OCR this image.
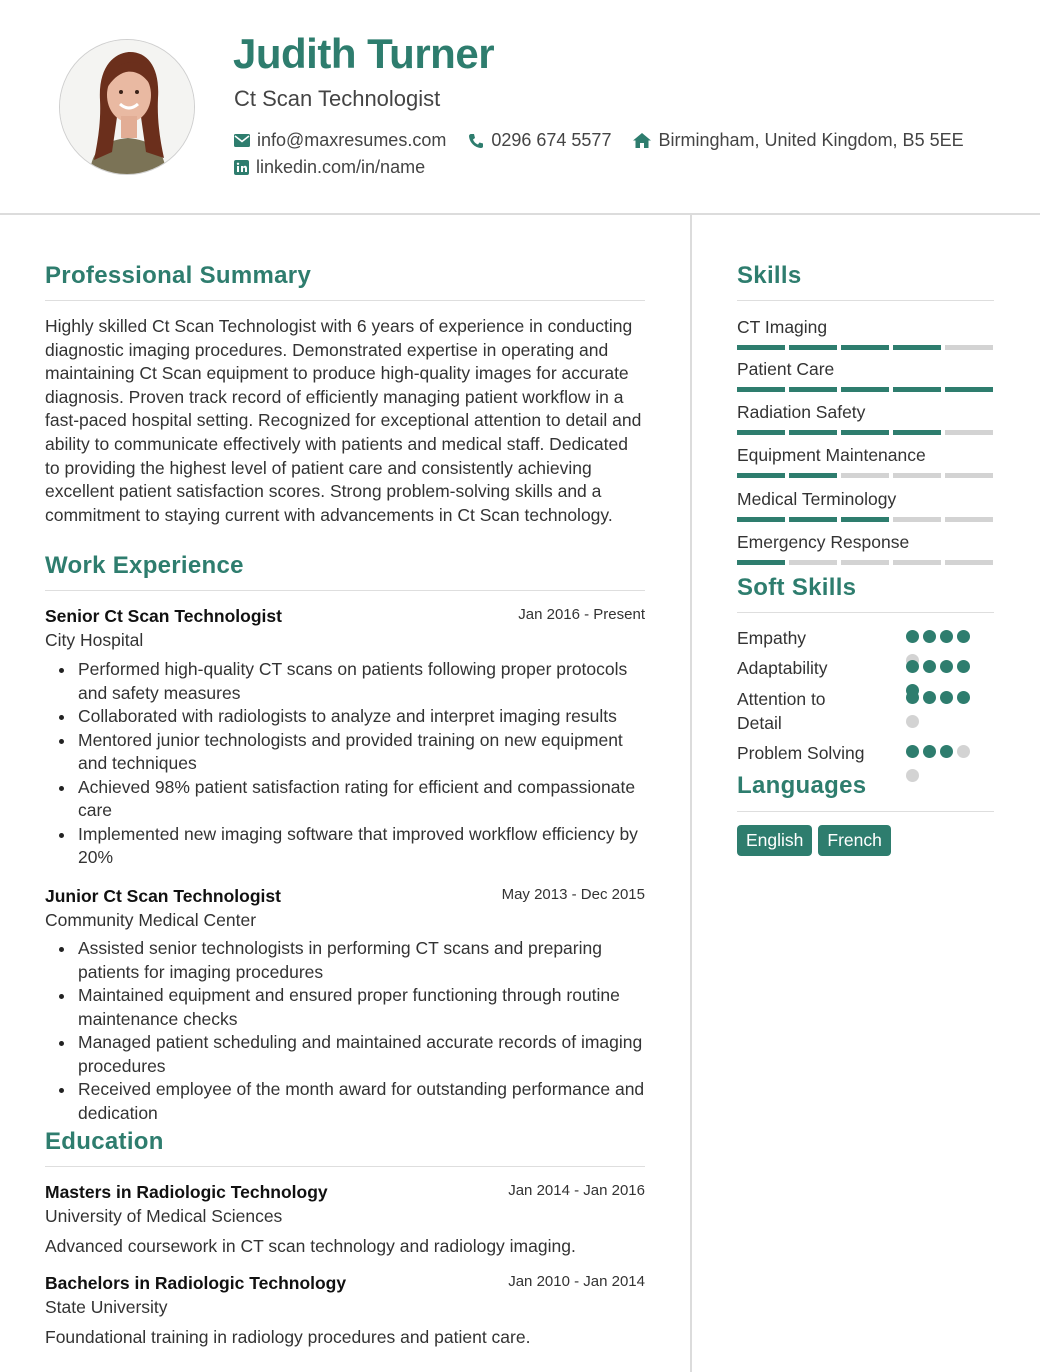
Judith Turner
Ct Scan Technologist
info@maxresumes.com	0296 674 5577	Birmingham, United Kingdom, B5 5EE
linkedin.com/in/name
Professional Summary
Highly skilled Ct Scan Technologist with 6 years of experience in conducting diagnostic imaging procedures. Demonstrated expertise in operating and maintaining Ct Scan equipment to produce high-quality images for accurate diagnosis. Proven track record of efficiently managing patient workflow in a fast-paced hospital setting. Recognized for exceptional attention to detail and ability to communicate effectively with patients and medical staff. Dedicated to providing the highest level of patient care and consistently achieving excellent patient satisfaction scores. Strong problem-solving skills and a commitment to staying current with advancements in Ct Scan technology.
Work Experience
Senior Ct Scan Technologist	Jan 2016 - Present
City Hospital
Performed high-quality CT scans on patients following proper protocols and safety measures
Collaborated with radiologists to analyze and interpret imaging results
Mentored junior technologists and provided training on new equipment and techniques
Achieved 98% patient satisfaction rating for efficient and compassionate care
Implemented new imaging software that improved workflow efficiency by 20%
Junior Ct Scan Technologist	May 2013 - Dec 2015
Community Medical Center
Assisted senior technologists in performing CT scans and preparing patients for imaging procedures
Maintained equipment and ensured proper functioning through routine maintenance checks
Managed patient scheduling and maintained accurate records of imaging procedures
Received employee of the month award for outstanding performance and dedication
Education
Masters in Radiologic Technology	Jan 2014 - Jan 2016
University of Medical Sciences
Advanced coursework in CT scan technology and radiology imaging.
Bachelors in Radiologic Technology	Jan 2010 - Jan 2014
State University
Foundational training in radiology procedures and patient care.
Skills
CT Imaging
Patient Care
Radiation Safety
Equipment Maintenance
Medical Terminology
Emergency Response
Soft Skills
Empathy
Adaptability
Attention to Detail
Problem Solving
Languages
English	French
